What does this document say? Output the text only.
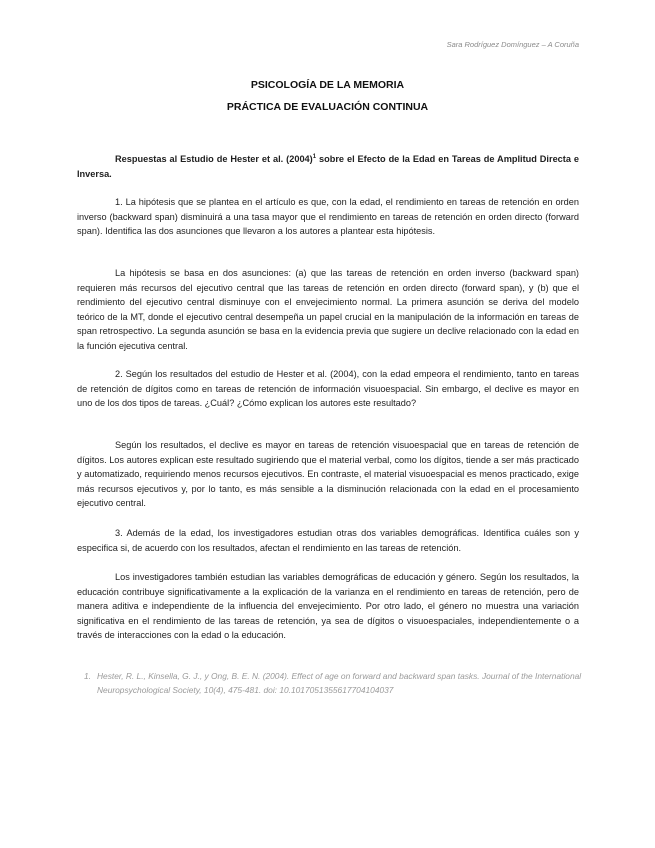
Sara Rodríguez Domínguez – A Coruña
PSICOLOGÍA DE LA MEMORIA
PRÁCTICA DE EVALUACIÓN CONTINUA
Respuestas al Estudio de Hester et al. $(2004)^1$ sobre el Efecto de la Edad en Tareas de Amplitud Directa e Inversa.
1. La hipótesis que se plantea en el artículo es que, con la edad, el rendimiento en tareas de retención en orden inverso (backward span) disminuirá a una tasa mayor que el rendimiento en tareas de retención en orden directo (forward span). Identifica las dos asunciones que llevaron a los autores a plantear esta hipótesis.
La hipótesis se basa en dos asunciones: (a) que las tareas de retención en orden inverso (backward span) requieren más recursos del ejecutivo central que las tareas de retención en orden directo (forward span), y (b) que el rendimiento del ejecutivo central disminuye con el envejecimiento normal. La primera asunción se deriva del modelo teórico de la MT, donde el ejecutivo central desempeña un papel crucial en la manipulación de la información en tareas de span retrospectivo. La segunda asunción se basa en la evidencia previa que sugiere un declive relacionado con la edad en la función ejecutiva central.
2. Según los resultados del estudio de Hester et al. (2004), con la edad empeora el rendimiento, tanto en tareas de retención de dígitos como en tareas de retención de información visuoespacial. Sin embargo, el declive es mayor en uno de los dos tipos de tareas. ¿Cuál? ¿Cómo explican los autores este resultado?
Según los resultados, el declive es mayor en tareas de retención visuoespacial que en tareas de retención de dígitos. Los autores explican este resultado sugiriendo que el material verbal, como los dígitos, tiende a ser más practicado y automatizado, requiriendo menos recursos ejecutivos. En contraste, el material visuoespacial es menos practicado, exige más recursos ejecutivos y, por lo tanto, es más sensible a la disminución relacionada con la edad en el procesamiento ejecutivo central.
3. Además de la edad, los investigadores estudian otras dos variables demográficas. Identifica cuáles son y especifica si, de acuerdo con los resultados, afectan el rendimiento en las tareas de retención.
Los investigadores también estudian las variables demográficas de educación y género. Según los resultados, la educación contribuye significativamente a la explicación de la varianza en el rendimiento en tareas de retención, pero de manera aditiva e independiente de la influencia del envejecimiento. Por otro lado, el género no muestra una variación significativa en el rendimiento de las tareas de retención, ya sea de dígitos o visuoespaciales, independientemente o a través de interacciones con la edad o la educación.
1. Hester, R. L., Kinsella, G. J., y Ong, B. E. N. (2004). Effect of age on forward and backward span tasks. Journal of the International Neuropsychological Society, 10(4), 475-481. doi: 10.1017051355617704104037
